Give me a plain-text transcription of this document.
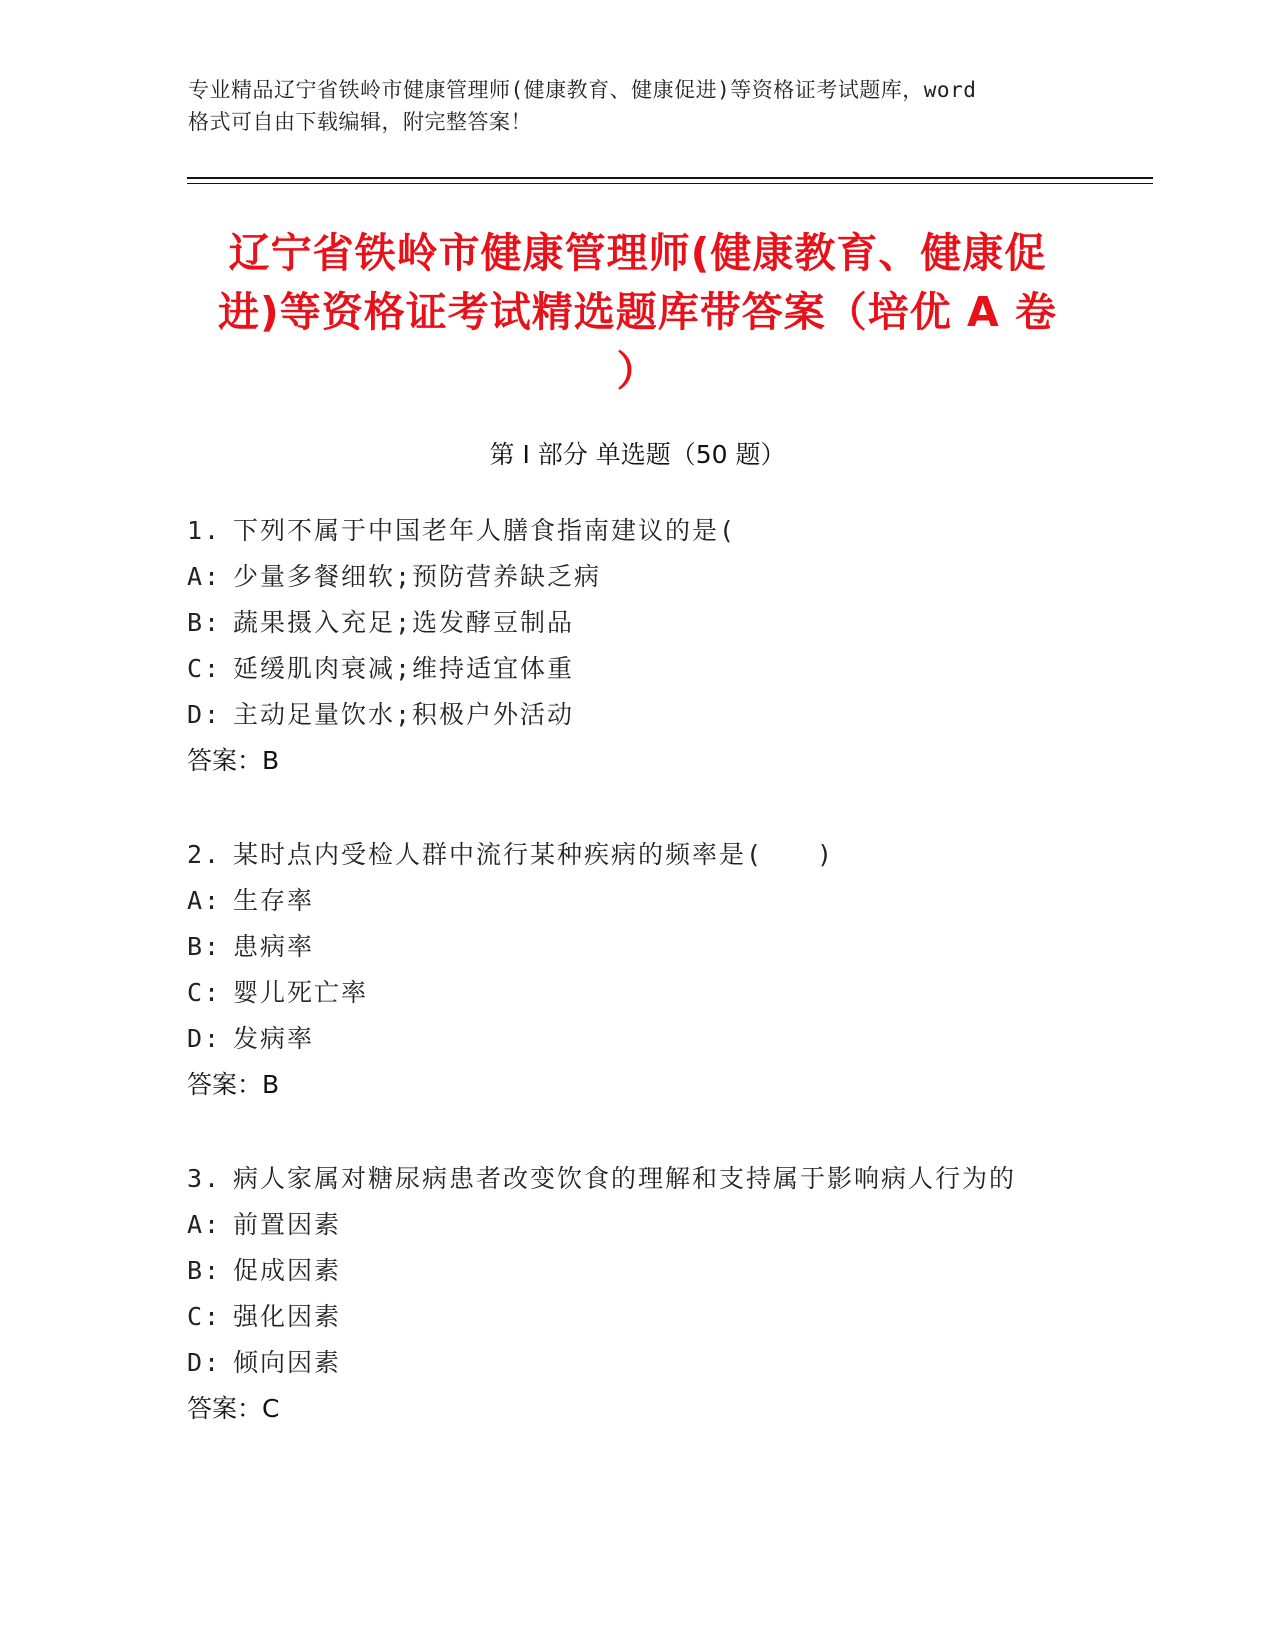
专业精品辽宁省铁岭市健康管理师(健康教育、健康促进)等资格证考试题库，word
格式可自由下载编辑，附完整答案！
辽宁省铁岭市健康管理师(健康教育、健康促
进)等资格证考试精选题库带答案（培优 A 卷
）
第 I 部分 单选题（50 题）
1. 下列不属于中国老年人膳食指南建议的是(
A: 少量多餐细软;预防营养缺乏病
B: 蔬果摄入充足;选发酵豆制品
C: 延缓肌肉衰减;维持适宜体重
D: 主动足量饮水;积极户外活动
答案：B
2. 某时点内受检人群中流行某种疾病的频率是(　　)
A: 生存率
B: 患病率
C: 婴儿死亡率
D: 发病率
答案：B
3. 病人家属对糖尿病患者改变饮食的理解和支持属于影响病人行为的
A: 前置因素
B: 促成因素
C: 强化因素
D: 倾向因素
答案：C
